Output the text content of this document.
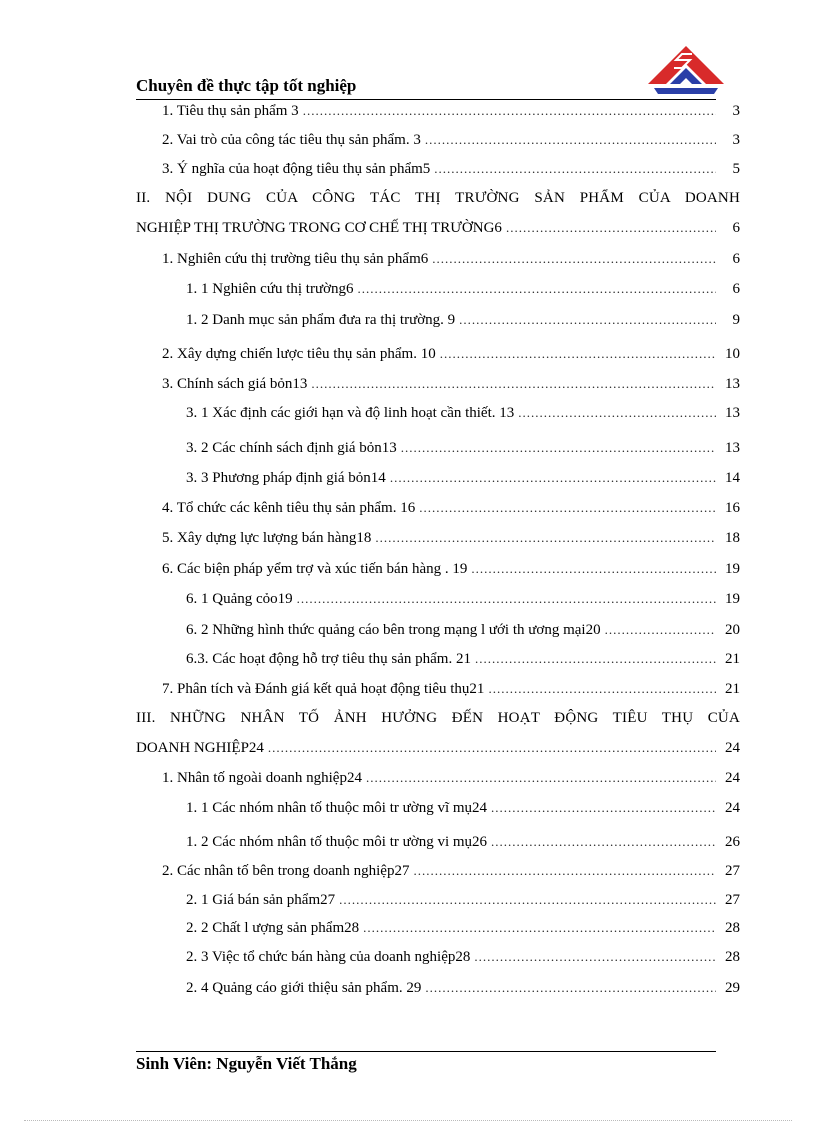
Chuyên đề thực tập tốt nghiệp
1. Tiêu thụ sản phẩm 3 .....	3
2. Vai trò của công tác tiêu thụ sản phẩm. 3 .....	3
3. Ý nghĩa của hoạt động tiêu thụ sản phẩm5 .....	5
II. NỘI DUNG CỦA CÔNG TÁC THỊ TRƯỜNG SẢN PHẨM CỦA DOANH
NGHIỆP THỊ TRƯỜNG TRONG CƠ CHẾ THỊ TRƯỜNG6 .....	6
1. Nghiên cứu thị trường tiêu thụ sản phẩm6 .....	6
1. 1 Nghiên cứu thị trường6 .....	6
1. 2 Danh mục sản phẩm đưa ra thị trường. 9 .....	9
2. Xây dựng chiến lược tiêu thụ sản phẩm. 10 .....	10
3. Chính sách giá bỏn13 .....	13
3. 1 Xác định các giới hạn và độ linh hoạt cần thiết. 13 .....	13
3. 2 Các chính sách định giá bỏn13 .....	13
3. 3 Phương pháp định giá bỏn14 .....	14
4. Tổ chức các kênh tiêu thụ sản phẩm. 16 .....	16
5. Xây dựng lực lượng bán hàng18 .....	18
6. Các biện pháp yểm trợ và xúc tiến bán hàng . 19 .....	19
6. 1 Quảng cỏo19 .....	19
6. 2 Những hình thức quảng cáo bên trong mạng l ưới th ương mại20 .....	20
6.3. Các hoạt động hỗ trợ tiêu thụ sản phẩm. 21 .....	21
7. Phân tích và Đánh giá kết quả hoạt động tiêu thụ21 .....	21
III. NHỮNG NHÂN TỐ ẢNH HƯỞNG ĐẾN HOẠT ĐỘNG TIÊU THỤ CỦA
DOANH NGHIỆP24 .....	24
1. Nhân tố ngoài doanh nghiệp24 .....	24
1. 1 Các nhóm nhân tố thuộc môi tr ường vĩ mụ24 .....	24
1. 2 Các nhóm nhân tố thuộc môi tr ường vi mụ26 .....	26
2. Các nhân tố bên trong doanh nghiệp27 .....	27
2. 1 Giá bán sản phẩm27 .....	27
2. 2 Chất l ượng sản phẩm28 .....	28
2. 3 Việc tổ chức bán hàng của doanh nghiệp28 .....	28
2. 4 Quảng cáo giới thiệu sản phẩm. 29 .....	29
Sinh Viên: Nguyễn Viết Thắng
